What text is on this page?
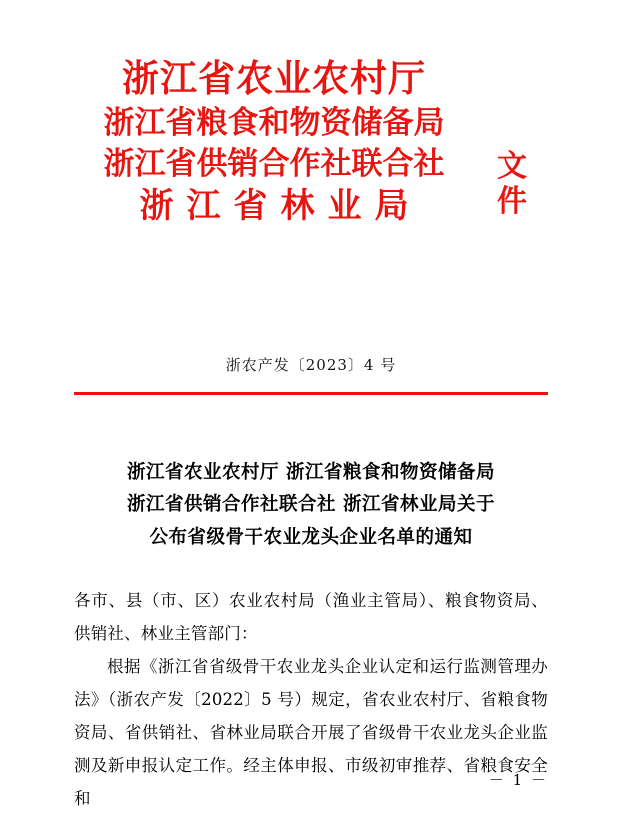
浙江省农业农村厅
浙江省粮食和物资储备局
浙江省供销合作社联合社
浙江省林业局
文件
浙农产发〔2023〕4 号
浙江省农业农村厅 浙江省粮食和物资储备局
浙江省供销合作社联合社 浙江省林业局关于
公布省级骨干农业龙头企业名单的通知

各市、县（市、区）农业农村局（渔业主管局）、粮食物资局、供销社、林业主管部门：

根据《浙江省省级骨干农业龙头企业认定和运行监测管理办法》（浙农产发〔2022〕5 号）规定，省农业农村厅、省粮食物资局、省供销社、省林业局联合开展了省级骨干农业龙头企业监测及新申报认定工作。经主体申报、市级初审推荐、省粮食安全和

－ 1 －
